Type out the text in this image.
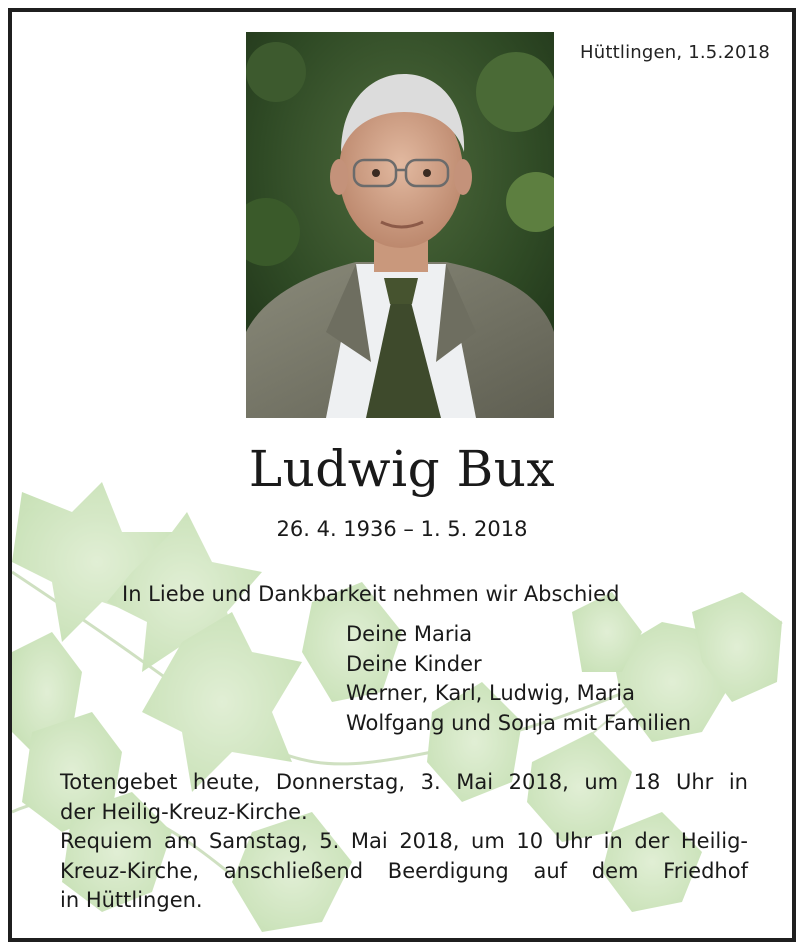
Hüttlingen, 1.5.2018
Ludwig Bux
26. 4. 1936 – 1. 5. 2018
In Liebe und Dankbarkeit nehmen wir Abschied
Deine Maria
Deine Kinder
Werner, Karl, Ludwig, Maria
Wolfgang und Sonja mit Familien
Totengebet heute, Donnerstag, 3. Mai 2018, um 18 Uhr in
der Heilig-Kreuz-Kirche.
Requiem am Samstag, 5. Mai 2018, um 10 Uhr in der Heilig-
Kreuz-Kirche, anschließend Beerdigung auf dem Friedhof
in Hüttlingen.
